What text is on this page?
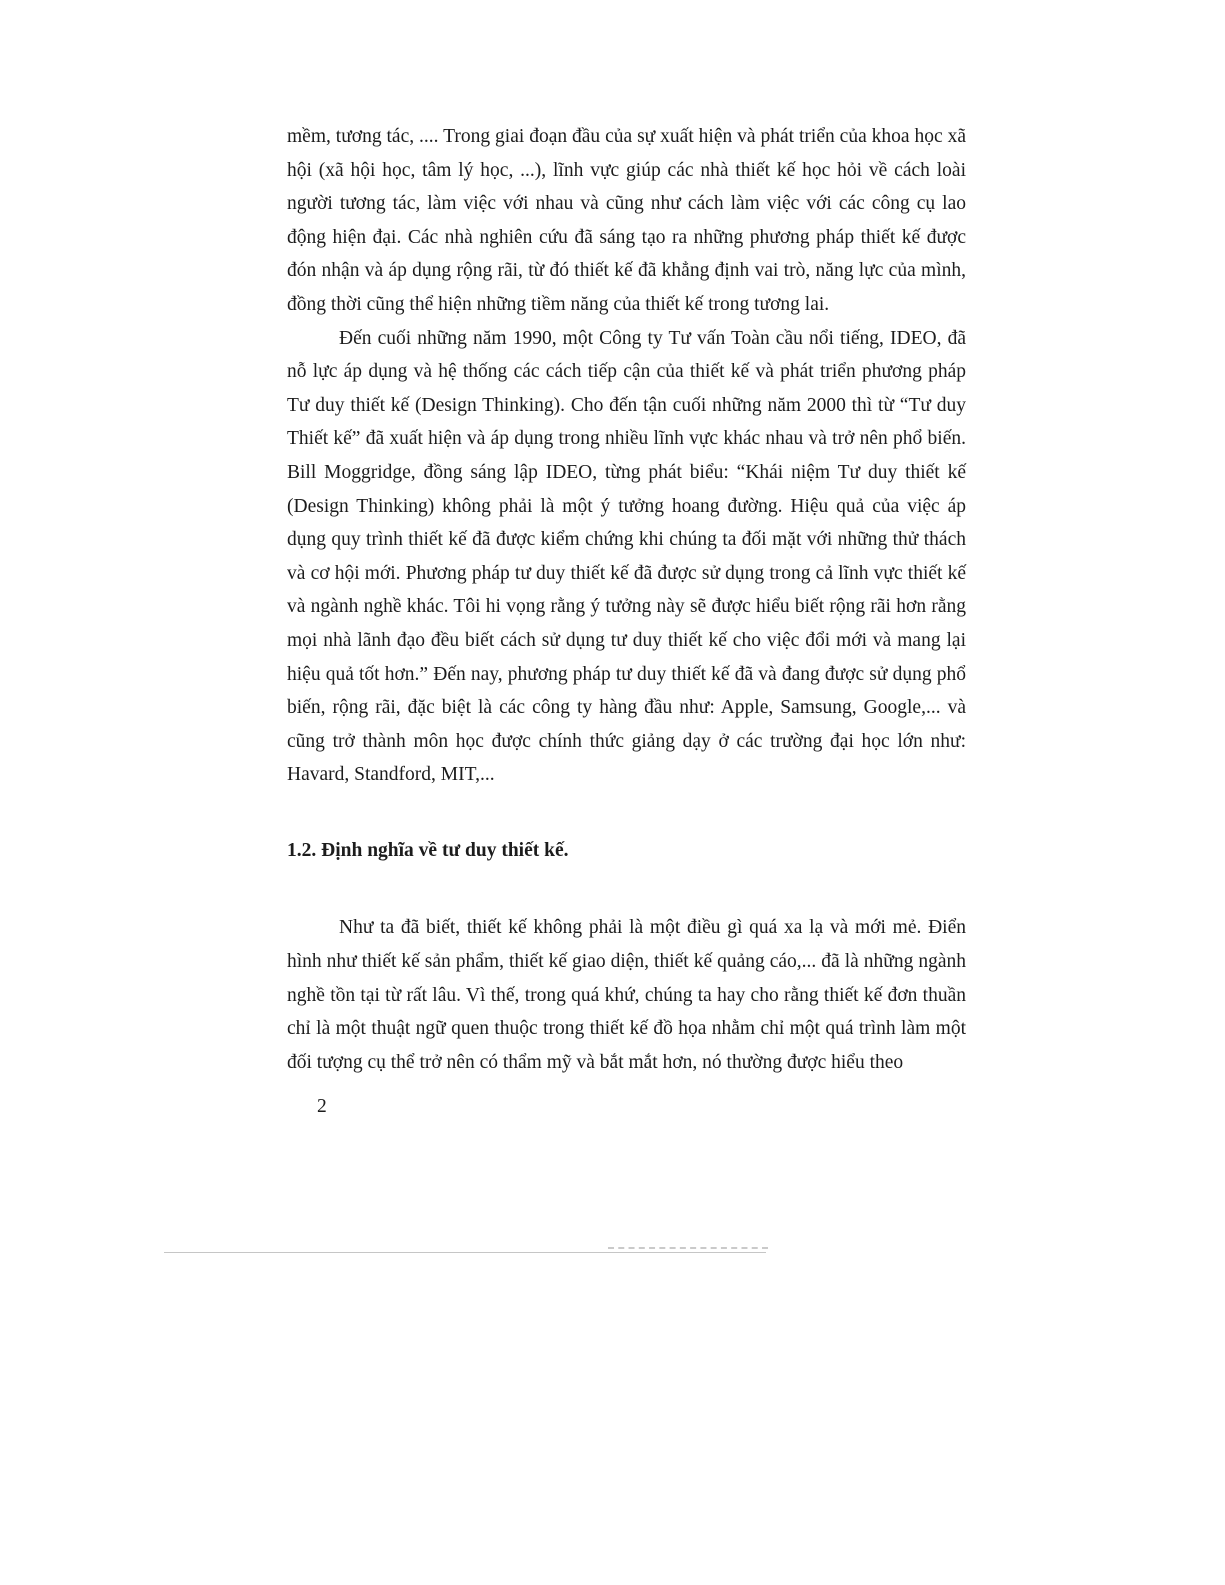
mềm, tương tác, .... Trong giai đoạn đầu của sự xuất hiện và phát triển của khoa học xã hội (xã hội học, tâm lý học, ...), lĩnh vực giúp các nhà thiết kế học hỏi về cách loài người tương tác, làm việc với nhau và cũng như cách làm việc với các công cụ lao động hiện đại. Các nhà nghiên cứu đã sáng tạo ra những phương pháp thiết kế được đón nhận và áp dụng rộng rãi, từ đó thiết kế đã khẳng định vai trò, năng lực của mình, đồng thời cũng thể hiện những tiềm năng của thiết kế trong tương lai.

Đến cuối những năm 1990, một Công ty Tư vấn Toàn cầu nổi tiếng, IDEO, đã nỗ lực áp dụng và hệ thống các cách tiếp cận của thiết kế và phát triển phương pháp Tư duy thiết kế (Design Thinking). Cho đến tận cuối những năm 2000 thì từ “Tư duy Thiết kế” đã xuất hiện và áp dụng trong nhiều lĩnh vực khác nhau và trở nên phổ biến. Bill Moggridge, đồng sáng lập IDEO, từng phát biểu: “Khái niệm Tư duy thiết kế (Design Thinking) không phải là một ý tưởng hoang đường. Hiệu quả của việc áp dụng quy trình thiết kế đã được kiểm chứng khi chúng ta đối mặt với những thử thách và cơ hội mới. Phương pháp tư duy thiết kế đã được sử dụng trong cả lĩnh vực thiết kế và ngành nghề khác. Tôi hi vọng rằng ý tưởng này sẽ được hiểu biết rộng rãi hơn rằng mọi nhà lãnh đạo đều biết cách sử dụng tư duy thiết kế cho việc đổi mới và mang lại hiệu quả tốt hơn.” Đến nay, phương pháp tư duy thiết kế đã và đang được sử dụng phổ biến, rộng rãi, đặc biệt là các công ty hàng đầu như: Apple, Samsung, Google,... và cũng trở thành môn học được chính thức giảng dạy ở các trường đại học lớn như: Havard, Standford, MIT,...

1.2. Định nghĩa về tư duy thiết kế.

Như ta đã biết, thiết kế không phải là một điều gì quá xa lạ và mới mẻ. Điển hình như thiết kế sản phẩm, thiết kế giao diện, thiết kế quảng cáo,... đã là những ngành nghề tồn tại từ rất lâu. Vì thế, trong quá khứ, chúng ta hay cho rằng thiết kế đơn thuần chỉ là một thuật ngữ quen thuộc trong thiết kế đồ họa nhằm chỉ một quá trình làm một đối tượng cụ thể trở nên có thẩm mỹ và bắt mắt hơn, nó thường được hiểu theo

2
